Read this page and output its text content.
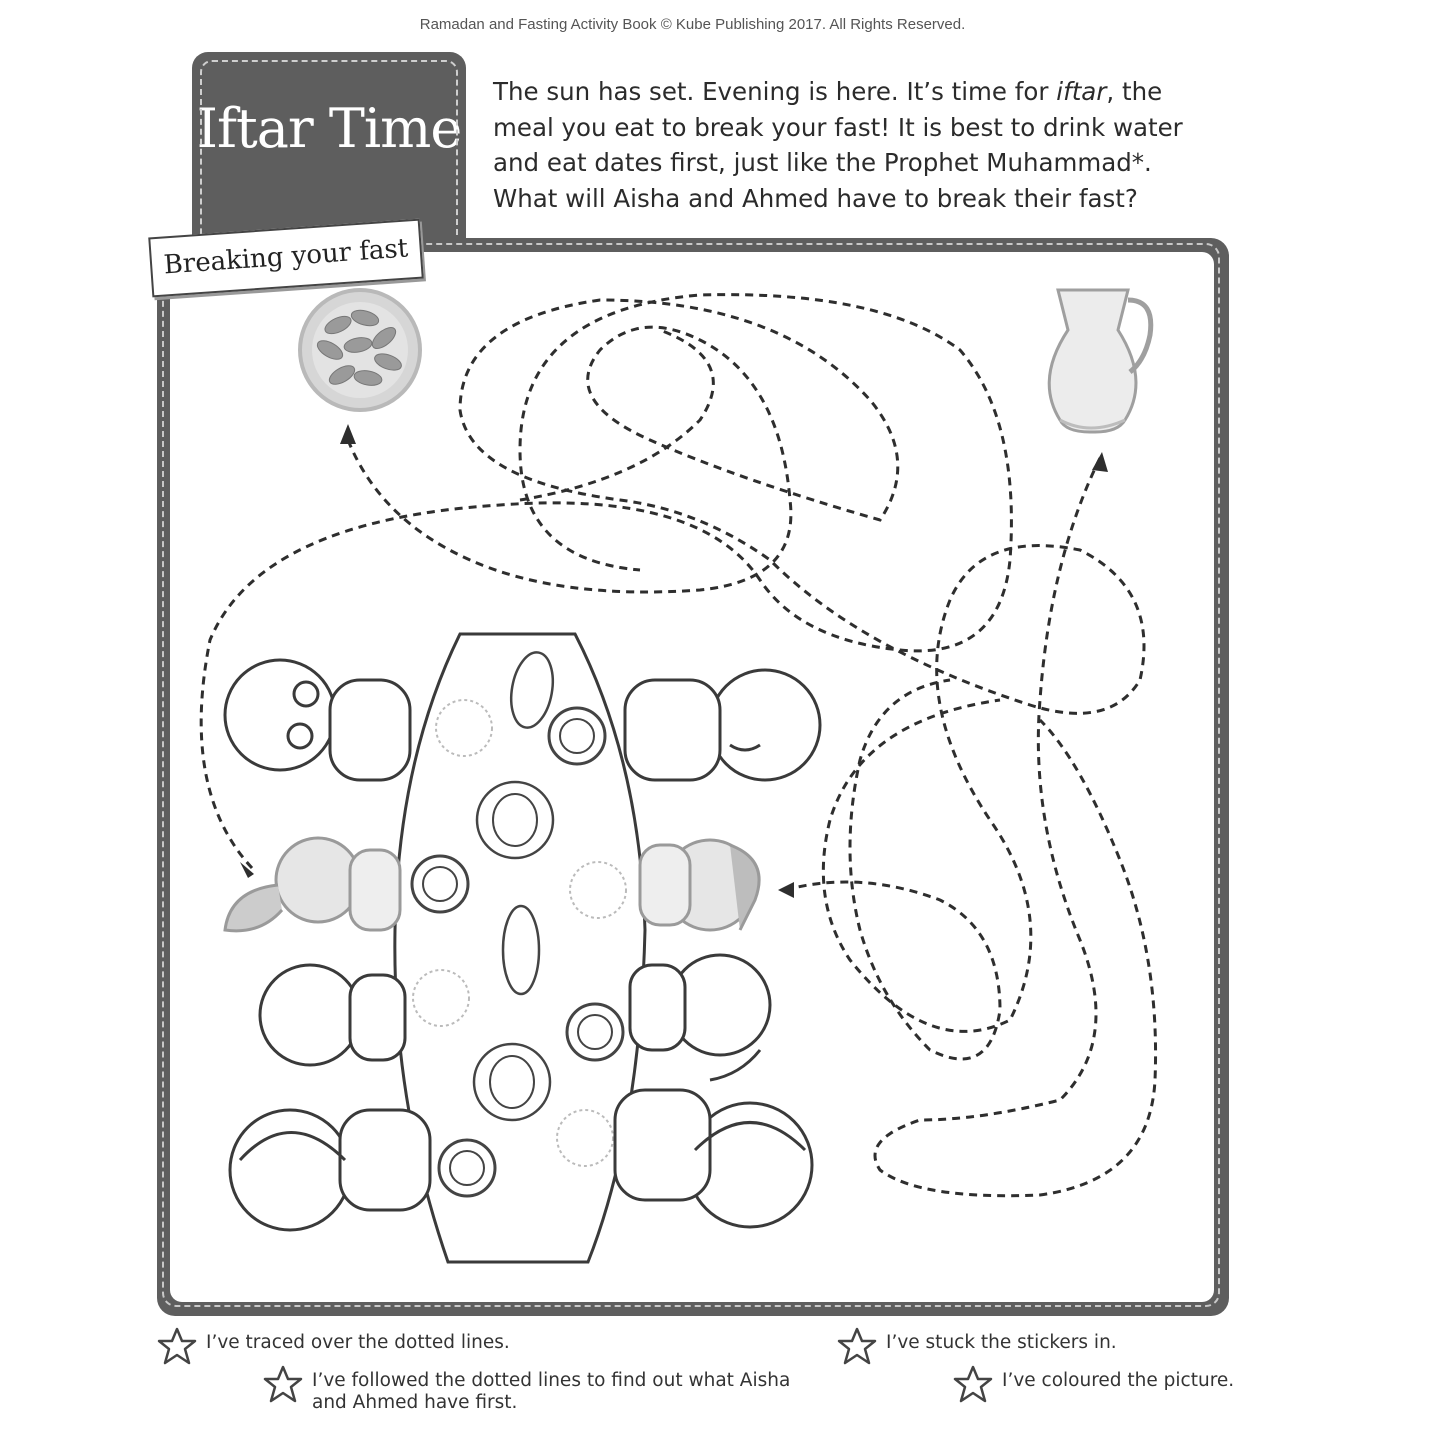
Ramadan and Fasting Activity Book © Kube Publishing 2017. All Rights Reserved.
Iftar Time

The sun has set. Evening is here. It’s time for iftar, the meal you eat to break your fast! It is best to drink water and eat dates first, just like the Prophet Muhammad*. What will Aisha and Ahmed have to break their fast?

Breaking your fast
I’ve traced over the dotted lines.
I’ve followed the dotted lines to find out what Aisha and Ahmed have first.
I’ve stuck the stickers in.
I’ve coloured the picture.
